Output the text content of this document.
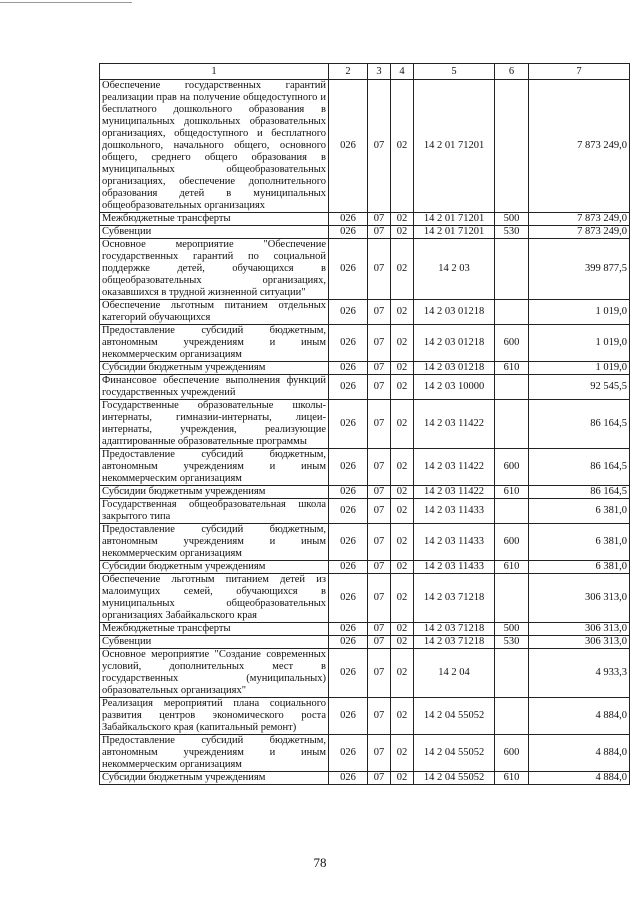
1	2	3	4	5	6	7
Обеспечение государственных гарантий реализации прав на получение общедоступного и бесплатного дошкольного образования в муниципальных дошкольных образовательных организациях, общедоступного и бесплатного дошкольного, начального общего, основного общего, среднего общего образования в муниципальных общеобразовательных организациях, обеспечение дополнительного образования детей в муниципальных общеобразовательных организациях	026	07	02	14 2 01 71201		7 873 249,0
Межбюджетные трансферты	026	07	02	14 2 01 71201	500	7 873 249,0
Субвенции	026	07	02	14 2 01 71201	530	7 873 249,0
Основное мероприятие "Обеспечение государственных гарантий по социальной поддержке детей, обучающихся в общеобразовательных организациях, оказавшихся в трудной жизненной ситуации"	026	07	02	14 2 03		399 877,5
Обеспечение льготным питанием отдельных категорий обучающихся	026	07	02	14 2 03 01218		1 019,0
Предоставление субсидий бюджетным, автономным учреждениям и иным некоммерческим организациям	026	07	02	14 2 03 01218	600	1 019,0
Субсидии бюджетным учреждениям	026	07	02	14 2 03 01218	610	1 019,0
Финансовое обеспечение выполнения функций государственных учреждений	026	07	02	14 2 03 10000		92 545,5
Государственные образовательные школы-интернаты, гимназии-интернаты, лицеи-интернаты, учреждения, реализующие адаптированные образовательные программы	026	07	02	14 2 03 11422		86 164,5
Предоставление субсидий бюджетным, автономным учреждениям и иным некоммерческим организациям	026	07	02	14 2 03 11422	600	86 164,5
Субсидии бюджетным учреждениям	026	07	02	14 2 03 11422	610	86 164,5
Государственная общеобразовательная школа закрытого типа	026	07	02	14 2 03 11433		6 381,0
Предоставление субсидий бюджетным, автономным учреждениям и иным некоммерческим организациям	026	07	02	14 2 03 11433	600	6 381,0
Субсидии бюджетным учреждениям	026	07	02	14 2 03 11433	610	6 381,0
Обеспечение льготным питанием детей из малоимущих семей, обучающихся в муниципальных общеобразовательных организациях Забайкальского края	026	07	02	14 2 03 71218		306 313,0
Межбюджетные трансферты	026	07	02	14 2 03 71218	500	306 313,0
Субвенции	026	07	02	14 2 03 71218	530	306 313,0
Основное мероприятие "Создание современных условий, дополнительных мест в государственных (муниципальных) образовательных организациях"	026	07	02	14 2 04		4 933,3
Реализация мероприятий плана социального развития центров экономического роста Забайкальского края (капитальный ремонт)	026	07	02	14 2 04 55052		4 884,0
Предоставление субсидий бюджетным, автономным учреждениям и иным некоммерческим организациям	026	07	02	14 2 04 55052	600	4 884,0
Субсидии бюджетным учреждениям	026	07	02	14 2 04 55052	610	4 884,0
78
